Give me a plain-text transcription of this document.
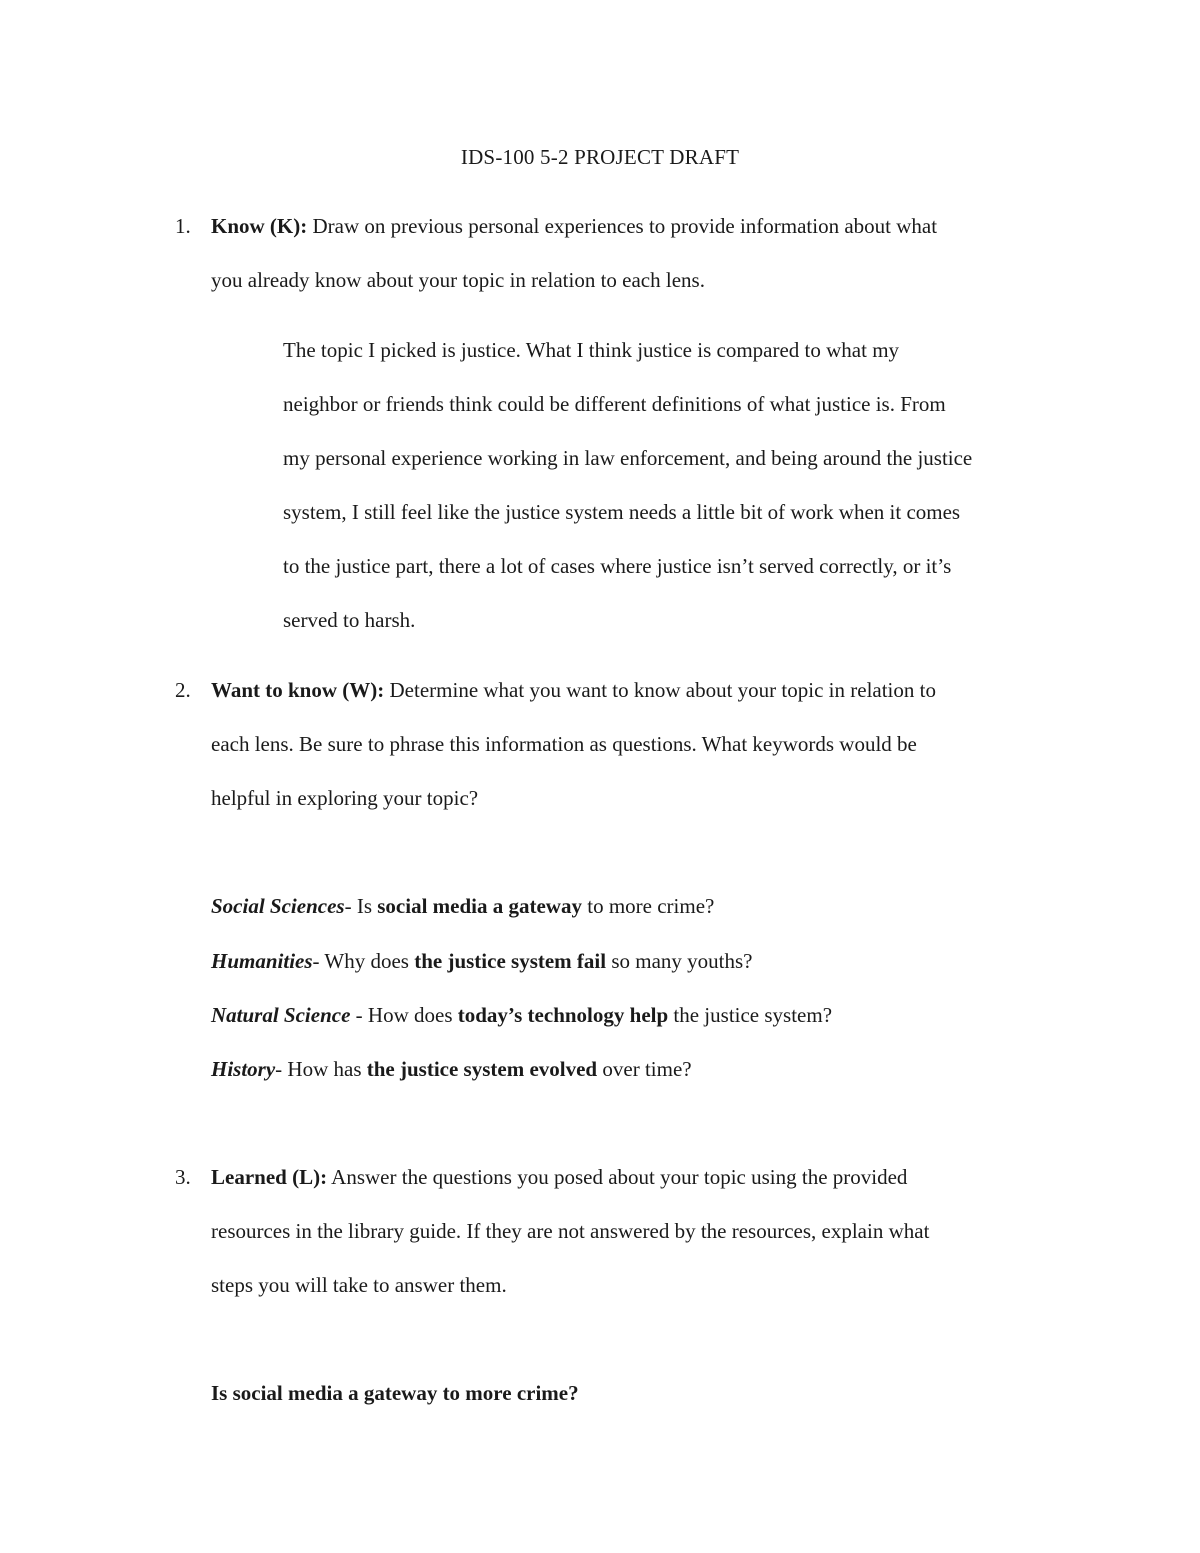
IDS-100 5-2 PROJECT DRAFT
1. Know (K): Draw on previous personal experiences to provide information about what
you already know about your topic in relation to each lens.
The topic I picked is justice. What I think justice is compared to what my
neighbor or friends think could be different definitions of what justice is. From
my personal experience working in law enforcement, and being around the justice
system, I still feel like the justice system needs a little bit of work when it comes
to the justice part, there a lot of cases where justice isn’t served correctly, or it’s
served to harsh.
2. Want to know (W): Determine what you want to know about your topic in relation to
each lens. Be sure to phrase this information as questions. What keywords would be
helpful in exploring your topic?
Social Sciences- Is social media a gateway to more crime?
Humanities- Why does the justice system fail so many youths?
Natural Science - How does today’s technology help the justice system?
History- How has the justice system evolved over time?
3. Learned (L): Answer the questions you posed about your topic using the provided
resources in the library guide. If they are not answered by the resources, explain what
steps you will take to answer them.
Is social media a gateway to more crime?
